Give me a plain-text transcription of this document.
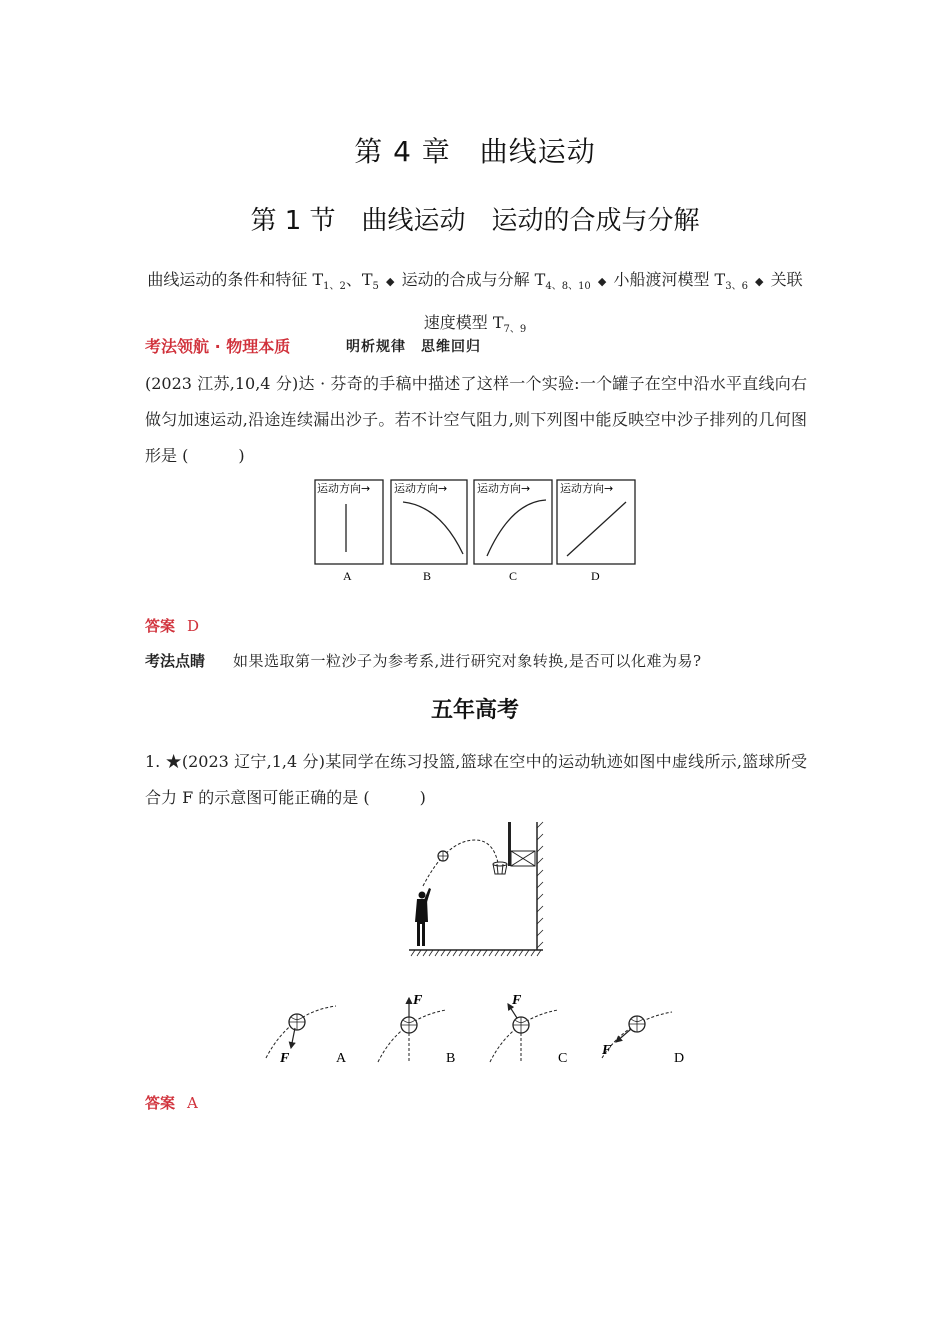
第 4 章　曲线运动
第 1 节　曲线运动　运动的合成与分解
曲线运动的条件和特征 $T_{1、2}$、$T_5$ ◆ 运动的合成与分解 $T_{4、8、10}$ ◆ 小船渡河模型 $T_{3、6}$ ◆ 关联速度模型 $T_{7、9}$
考法领航 · 物理本质	明析规律　思维回归
(2023 江苏,10,4 分)达 · 芬奇的手稿中描述了这样一个实验:一个罐子在空中沿水平直线向右做匀加速运动,沿途连续漏出沙子。若不计空气阻力,则下列图中能反映空中沙子排列的几何图形是 (　　)
运动方向→ 运动方向→	运动方向→	运动方向→
A	B	C	D
答案 D
考法点睛 如果选取第一粒沙子为参考系,进行研究对象转换,是否可以化难为易?
五年高考
1. ★(2023 辽宁,1,4 分)某同学在练习投篮,篮球在空中的运动轨迹如图中虚线所示,篮球所受合力 F 的示意图可能正确的是 (　　)
F	A
F
B
F
C
F
D
答案 A
